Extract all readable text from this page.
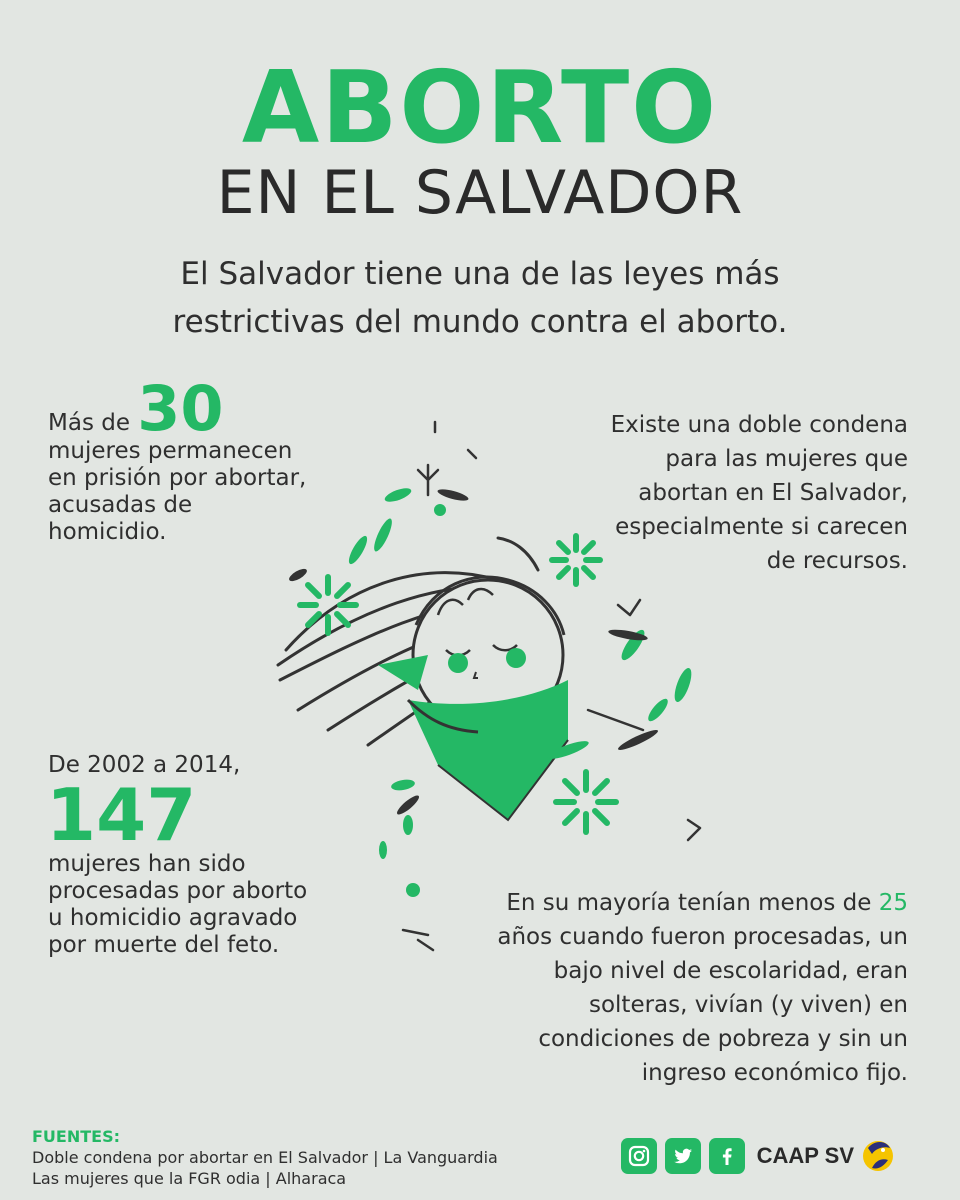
ABORTO
EN EL SALVADOR
El Salvador tiene una de las leyes más restrictivas del mundo contra el aborto.
Más de 30
mujeres permanecen en prisión por abortar, acusadas de homicidio.
Existe una doble condena para las mujeres que abortan en El Salvador, especialmente si carecen de recursos.
De 2002 a 2014,
147
mujeres han sido procesadas por aborto u homicidio agravado por muerte del feto.
En su mayoría tenían menos de 25 años cuando fueron procesadas, un bajo nivel de escolaridad, eran solteras, vivían (y viven) en condiciones de pobreza y sin un ingreso económico fijo.
FUENTES:
Doble condena por abortar en El Salvador | La Vanguardia
Las mujeres que la FGR odia | Alharaca
CAAP SV
